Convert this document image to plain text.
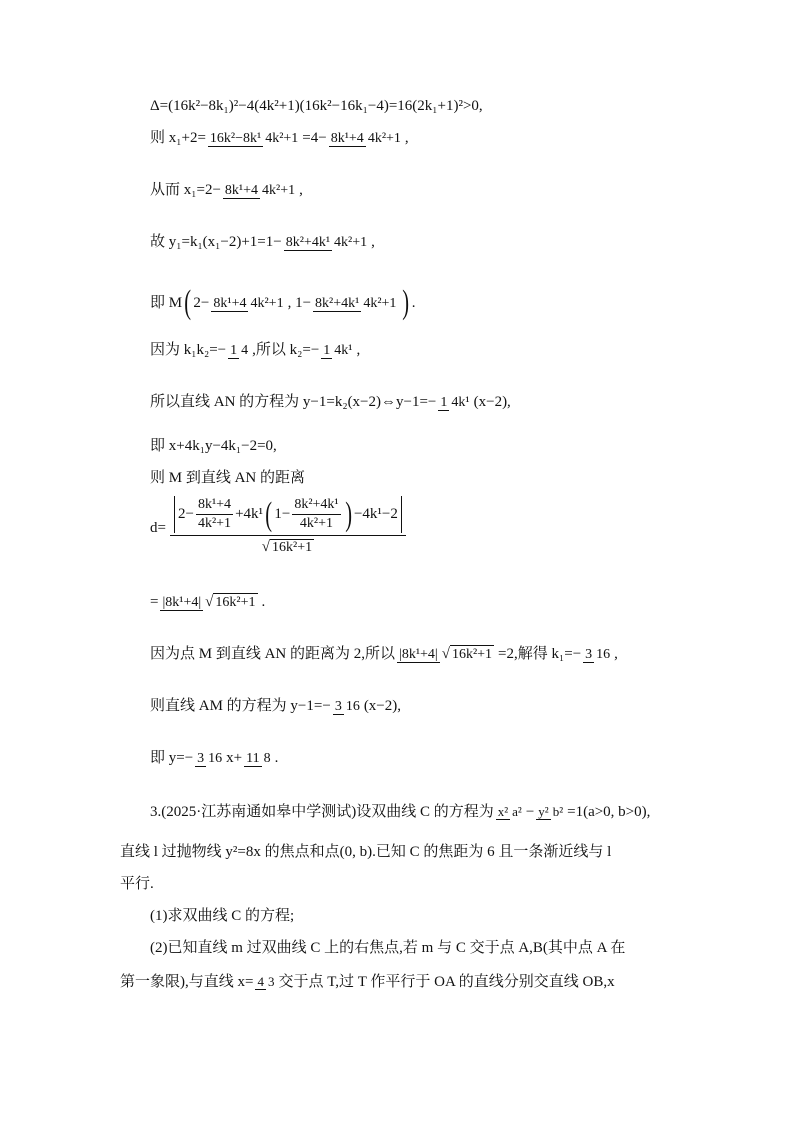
Δ=(16k²−8k₁)²−4(4k²+1)(16k²−16k₁−4)=16(2k₁+1)²>0,
则 x₁+2= 16k²−8k¹ 4k²+1 =4− 8k¹+4 4k²+1 ,
从而 x₁=2− 8k¹+4 4k²+1 ,
故 y₁=k₁(x₁−2)+1=1− 8k²+4k¹ 4k²+1 ,
即 M ( 2− 8k¹+4 4k²+1 , 1− 8k²+4k¹ 4k²+1 ) .
因为 k₁k₂=− 1 4 ,所以 k₂=− 1 4k¹ ,
所以直线 AN 的方程为 y−1=k₂(x−2)⇔y−1=− 1 4k¹ (x−2),
即 x+4k₁y−4k₁−2=0,
则 M 到直线 AN 的距离
d=
$2- \frac{\text{8k¹+4}}{\text{4k²+1}} +4k^1$ ( $1- \frac{\text{8k²+4k¹}}{\text{4k²+1}}$ ) −4k¹−2
√ 16k²+1
= |8k¹+4| √ 16k²+1 .
因为点 M 到直线 AN 的距离为 2,所以 |8k¹+4| √ 16k²+1 =2,解得 k₁=− 3 16 ,
则直线 AM 的方程为 y−1=− 3 16 (x−2),
即 y=− 3 16 x+ 11 8 .
3.(2025·江苏南通如皋中学测试)设双曲线 C 的方程为 x² a² − y² b² =1(a>0, b>0),
直线 l 过抛物线 y²=8x 的焦点和点(0, b).已知 C 的焦距为 6 且一条渐近线与 l
平行.
(1)求双曲线 C 的方程;
(2)已知直线 m 过双曲线 C 上的右焦点,若 m 与 C 交于点 A,B(其中点 A 在
第一象限),与直线 x= 4 3 交于点 T,过 T 作平行于 OA 的直线分别交直线 OB,x
